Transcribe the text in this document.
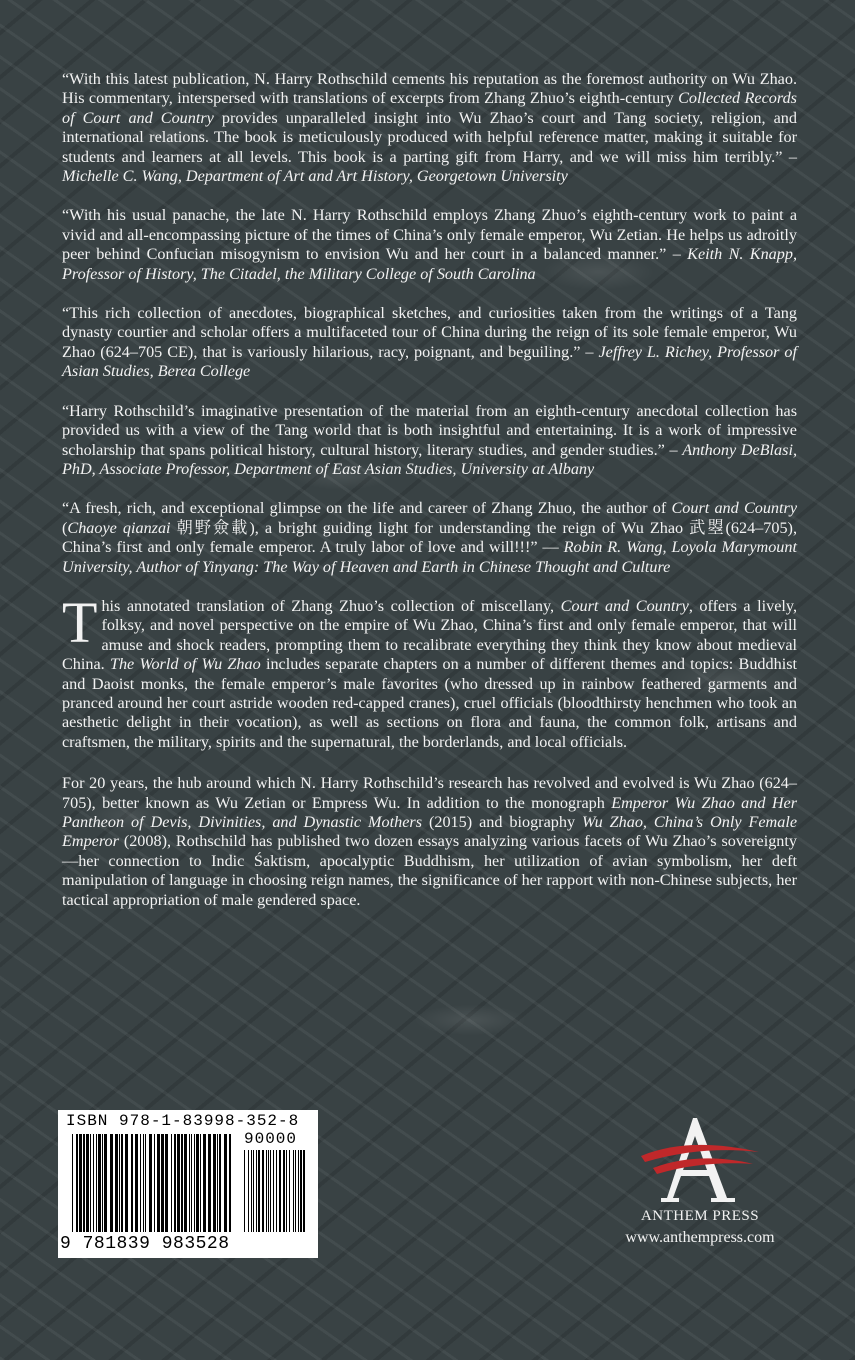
“With this latest publication, N. Harry Rothschild cements his reputation as the foremost authority on Wu Zhao. His commentary, interspersed with translations of excerpts from Zhang Zhuo’s eighth-century Collected Records of Court and Country provides unparalleled insight into Wu Zhao’s court and Tang society, religion, and international relations. The book is meticulously produced with helpful reference matter, making it suitable for students and learners at all levels. This book is a parting gift from Harry, and we will miss him terribly.” – Michelle C. Wang, Department of Art and Art History, Georgetown University

“With his usual panache, the late N. Harry Rothschild employs Zhang Zhuo’s eighth-century work to paint a vivid and all-encompassing picture of the times of China’s only female emperor, Wu Zetian. He helps us adroitly peer behind Confucian misogynism to envision Wu and her court in a balanced manner.” – Keith N. Knapp, Professor of History, The Citadel, the Military College of South Carolina

“This rich collection of anecdotes, biographical sketches, and curiosities taken from the writings of a Tang dynasty courtier and scholar offers a multifaceted tour of China during the reign of its sole female emperor, Wu Zhao (624–705 CE), that is variously hilarious, racy, poignant, and beguiling.” – Jeffrey L. Richey, Professor of Asian Studies, Berea College

“Harry Rothschild’s imaginative presentation of the material from an eighth-century anecdotal collection has provided us with a view of the Tang world that is both insightful and entertaining. It is a work of impressive scholarship that spans political history, cultural history, literary studies, and gender studies.” – Anthony DeBlasi, PhD, Associate Professor, Department of East Asian Studies, University at Albany

“A fresh, rich, and exceptional glimpse on the life and career of Zhang Zhuo, the author of Court and Country (Chaoye qianzai 朝野僉載), a bright guiding light for understanding the reign of Wu Zhao 武曌(624–705), China’s first and only female emperor. A truly labor of love and will!!!” — Robin R. Wang, Loyola Marymount University, Author of Yinyang: The Way of Heaven and Earth in Chinese Thought and Culture

This annotated translation of Zhang Zhuo’s collection of miscellany, Court and Country, offers a lively, folksy, and novel perspective on the empire of Wu Zhao, China’s first and only female emperor, that will amuse and shock readers, prompting them to recalibrate everything they think they know about medieval China. The World of Wu Zhao includes separate chapters on a number of different themes and topics: Buddhist and Daoist monks, the female emperor’s male favorites (who dressed up in rainbow feathered garments and pranced around her court astride wooden red-capped cranes), cruel officials (bloodthirsty henchmen who took an aesthetic delight in their vocation), as well as sections on flora and fauna, the common folk, artisans and craftsmen, the military, spirits and the supernatural, the borderlands, and local officials.

For 20 years, the hub around which N. Harry Rothschild’s research has revolved and evolved is Wu Zhao (624–705), better known as Wu Zetian or Empress Wu. In addition to the monograph Emperor Wu Zhao and Her Pantheon of Devis, Divinities, and Dynastic Mothers (2015) and biography Wu Zhao, China’s Only Female Emperor (2008), Rothschild has published two dozen essays analyzing various facets of Wu Zhao’s sovereignty—her connection to Indic Śaktism, apocalyptic Buddhism, her utilization of avian symbolism, her deft manipulation of language in choosing reign names, the significance of her rapport with non-Chinese subjects, her tactical appropriation of male gendered space.

ISBN 978-1-83998-352-8
90000
9 781839 983528
ANTHEM PRESS
www.anthempress.com
